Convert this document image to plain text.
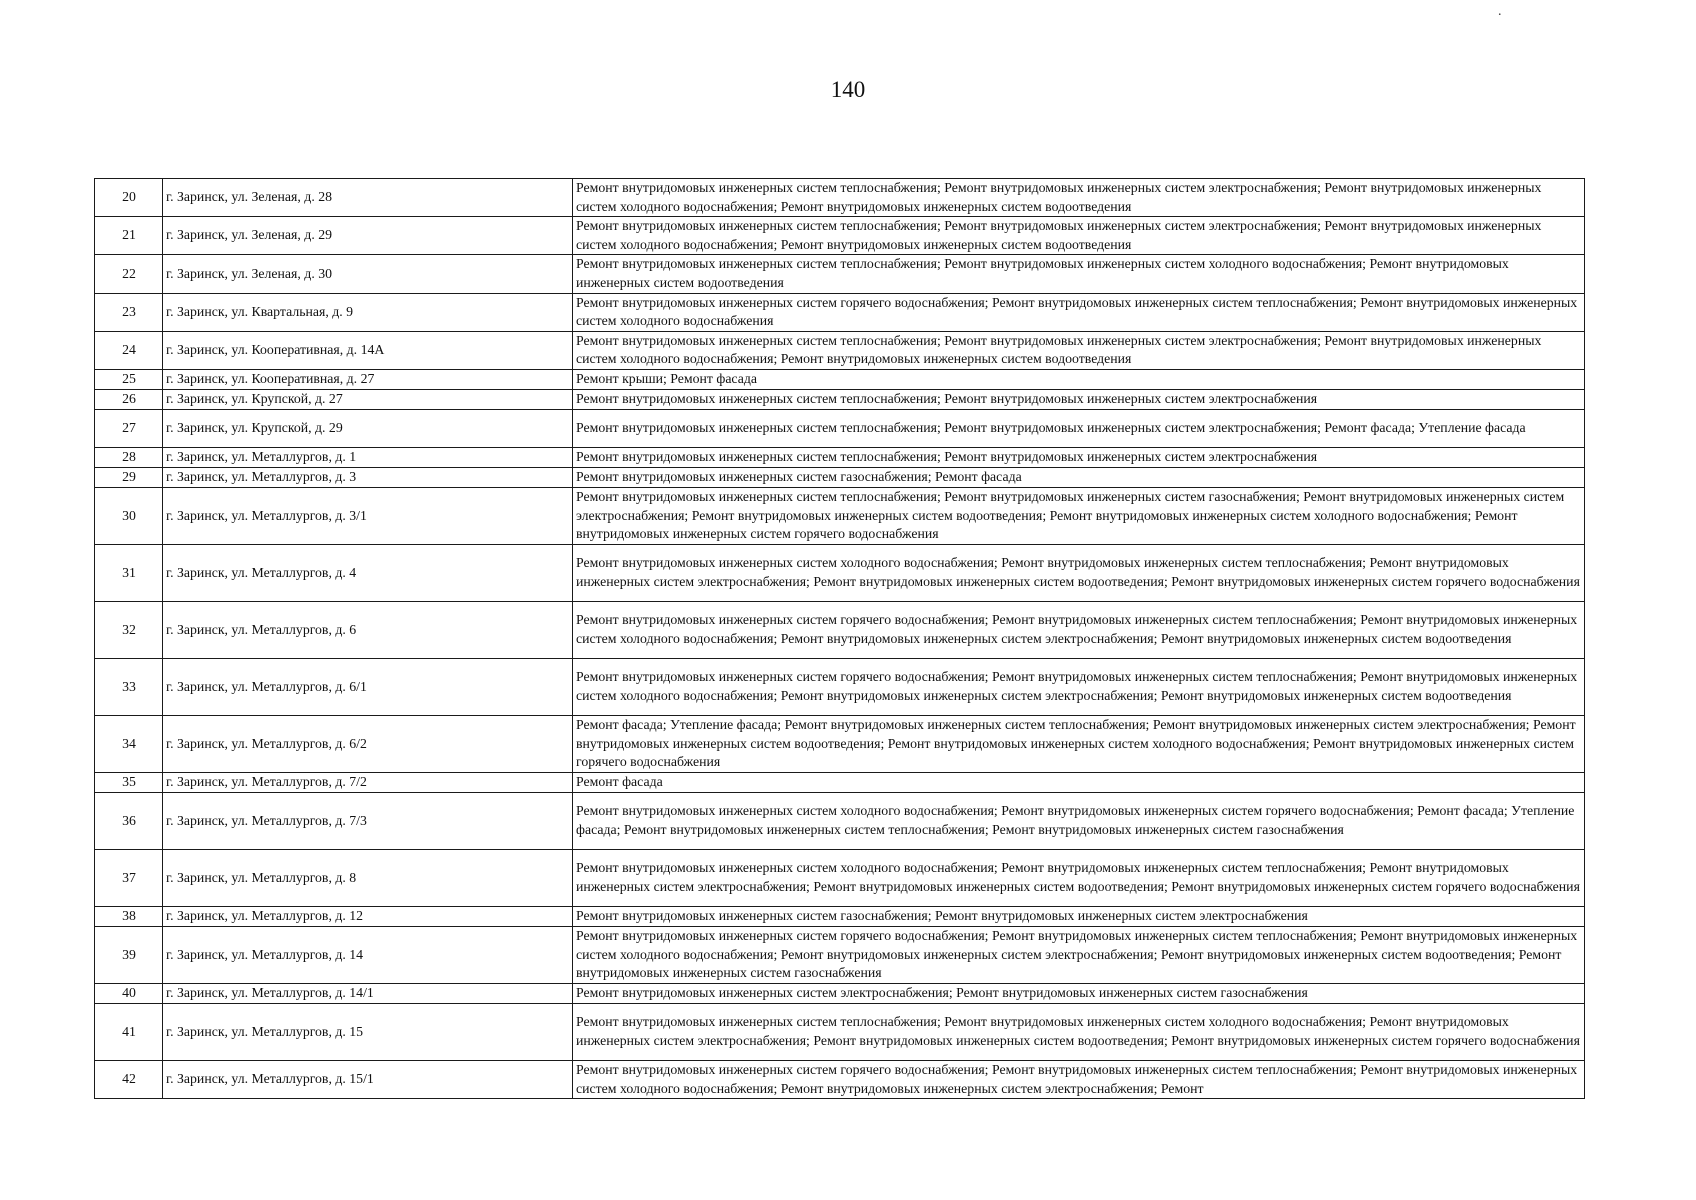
.
140
20	г. Заринск, ул. Зеленая, д. 28	Ремонт внутридомовых инженерных систем теплоснабжения; Ремонт внутридомовых инженерных систем электроснабжения; Ремонт внутридомовых инженерных систем холодного водоснабжения; Ремонт внутридомовых инженерных систем водоотведения
21	г. Заринск, ул. Зеленая, д. 29	Ремонт внутридомовых инженерных систем теплоснабжения; Ремонт внутридомовых инженерных систем электроснабжения; Ремонт внутридомовых инженерных систем холодного водоснабжения; Ремонт внутридомовых инженерных систем водоотведения
22	г. Заринск, ул. Зеленая, д. 30	Ремонт внутридомовых инженерных систем теплоснабжения; Ремонт внутридомовых инженерных систем холодного водоснабжения; Ремонт внутридомовых инженерных систем водоотведения
23	г. Заринск, ул. Квартальная, д. 9	Ремонт внутридомовых инженерных систем горячего водоснабжения; Ремонт внутридомовых инженерных систем теплоснабжения; Ремонт внутридомовых инженерных систем холодного водоснабжения
24	г. Заринск, ул. Кооперативная, д. 14А	Ремонт внутридомовых инженерных систем теплоснабжения; Ремонт внутридомовых инженерных систем электроснабжения; Ремонт внутридомовых инженерных систем холодного водоснабжения; Ремонт внутридомовых инженерных систем водоотведения
25	г. Заринск, ул. Кооперативная, д. 27	Ремонт крыши; Ремонт фасада
26	г. Заринск, ул. Крупской, д. 27	Ремонт внутридомовых инженерных систем теплоснабжения; Ремонт внутридомовых инженерных систем электроснабжения
27	г. Заринск, ул. Крупской, д. 29	Ремонт внутридомовых инженерных систем теплоснабжения; Ремонт внутридомовых инженерных систем электроснабжения; Ремонт фасада; Утепление фасада
28	г. Заринск, ул. Металлургов, д. 1	Ремонт внутридомовых инженерных систем теплоснабжения; Ремонт внутридомовых инженерных систем электроснабжения
29	г. Заринск, ул. Металлургов, д. 3	Ремонт внутридомовых инженерных систем газоснабжения; Ремонт фасада
30	г. Заринск, ул. Металлургов, д. 3/1	Ремонт внутридомовых инженерных систем теплоснабжения; Ремонт внутридомовых инженерных систем газоснабжения; Ремонт внутридомовых инженерных систем электроснабжения; Ремонт внутридомовых инженерных систем водоотведения; Ремонт внутридомовых инженерных систем холодного водоснабжения; Ремонт внутридомовых инженерных систем горячего водоснабжения
31	г. Заринск, ул. Металлургов, д. 4	Ремонт внутридомовых инженерных систем холодного водоснабжения; Ремонт внутридомовых инженерных систем теплоснабжения; Ремонт внутридомовых инженерных систем электроснабжения; Ремонт внутридомовых инженерных систем водоотведения; Ремонт внутридомовых инженерных систем горячего водоснабжения
32	г. Заринск, ул. Металлургов, д. 6	Ремонт внутридомовых инженерных систем горячего водоснабжения; Ремонт внутридомовых инженерных систем теплоснабжения; Ремонт внутридомовых инженерных систем холодного водоснабжения; Ремонт внутридомовых инженерных систем электроснабжения; Ремонт внутридомовых инженерных систем водоотведения
33	г. Заринск, ул. Металлургов, д. 6/1	Ремонт внутридомовых инженерных систем горячего водоснабжения; Ремонт внутридомовых инженерных систем теплоснабжения; Ремонт внутридомовых инженерных систем холодного водоснабжения; Ремонт внутридомовых инженерных систем электроснабжения; Ремонт внутридомовых инженерных систем водоотведения
34	г. Заринск, ул. Металлургов, д. 6/2	Ремонт фасада; Утепление фасада; Ремонт внутридомовых инженерных систем теплоснабжения; Ремонт внутридомовых инженерных систем электроснабжения; Ремонт внутридомовых инженерных систем водоотведения; Ремонт внутридомовых инженерных систем холодного водоснабжения; Ремонт внутридомовых инженерных систем горячего водоснабжения
35	г. Заринск, ул. Металлургов, д. 7/2	Ремонт фасада
36	г. Заринск, ул. Металлургов, д. 7/3	Ремонт внутридомовых инженерных систем холодного водоснабжения; Ремонт внутридомовых инженерных систем горячего водоснабжения; Ремонт фасада; Утепление фасада; Ремонт внутридомовых инженерных систем теплоснабжения; Ремонт внутридомовых инженерных систем газоснабжения
37	г. Заринск, ул. Металлургов, д. 8	Ремонт внутридомовых инженерных систем холодного водоснабжения; Ремонт внутридомовых инженерных систем теплоснабжения; Ремонт внутридомовых инженерных систем электроснабжения; Ремонт внутридомовых инженерных систем водоотведения; Ремонт внутридомовых инженерных систем горячего водоснабжения
38	г. Заринск, ул. Металлургов, д. 12	Ремонт внутридомовых инженерных систем газоснабжения; Ремонт внутридомовых инженерных систем электроснабжения
39	г. Заринск, ул. Металлургов, д. 14	Ремонт внутридомовых инженерных систем горячего водоснабжения; Ремонт внутридомовых инженерных систем теплоснабжения; Ремонт внутридомовых инженерных систем холодного водоснабжения; Ремонт внутридомовых инженерных систем электроснабжения; Ремонт внутридомовых инженерных систем водоотведения; Ремонт внутридомовых инженерных систем газоснабжения
40	г. Заринск, ул. Металлургов, д. 14/1	Ремонт внутридомовых инженерных систем электроснабжения; Ремонт внутридомовых инженерных систем газоснабжения
41	г. Заринск, ул. Металлургов, д. 15	Ремонт внутридомовых инженерных систем теплоснабжения; Ремонт внутридомовых инженерных систем холодного водоснабжения; Ремонт внутридомовых инженерных систем электроснабжения; Ремонт внутридомовых инженерных систем водоотведения; Ремонт внутридомовых инженерных систем горячего водоснабжения
42	г. Заринск, ул. Металлургов, д. 15/1	Ремонт внутридомовых инженерных систем горячего водоснабжения; Ремонт внутридомовых инженерных систем теплоснабжения; Ремонт внутридомовых инженерных систем холодного водоснабжения; Ремонт внутридомовых инженерных систем электроснабжения; Ремонт
